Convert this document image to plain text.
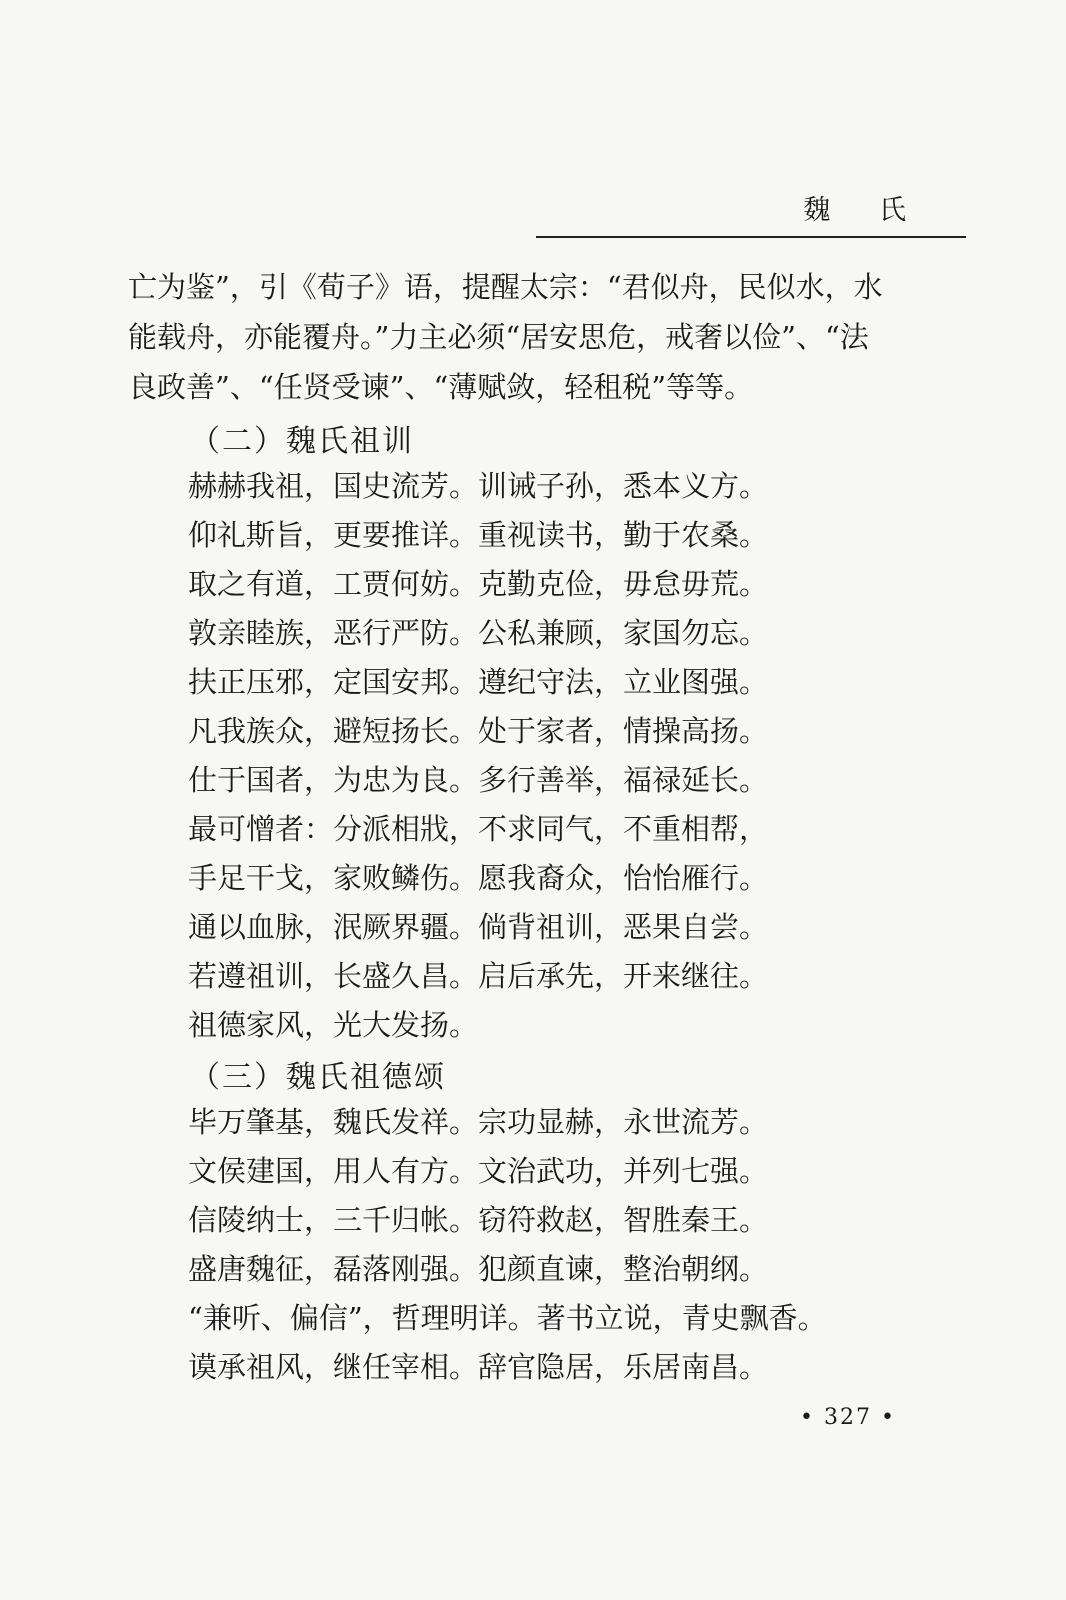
魏 氏

亡为鉴”，引《荀子》语，提醒太宗：“君似舟，民似水，水

能载舟，亦能覆舟。”力主必须“居安思危，戒奢以俭”、“法

良政善”、“任贤受谏”、“薄赋敛，轻租税”等等。

（二）魏氏祖训
赫赫我祖，国史流芳。训诫子孙，悉本义方。
仰礼斯旨，更要推详。重视读书，勤于农桑。
取之有道，工贾何妨。克勤克俭，毋怠毋荒。
敦亲睦族，恶行严防。公私兼顾，家国勿忘。
扶正压邪，定国安邦。遵纪守法，立业图强。
凡我族众，避短扬长。处于家者，情操高扬。
仕于国者，为忠为良。多行善举，福禄延长。
最可憎者：分派相戕，不求同气，不重相帮，
手足干戈，家败鳞伤。愿我裔众，怡怡雁行。
通以血脉，泯厥界疆。倘背祖训，恶果自尝。
若遵祖训，长盛久昌。启后承先，开来继往。
祖德家风，光大发扬。
（三）魏氏祖德颂
毕万肇基，魏氏发祥。宗功显赫，永世流芳。
文侯建国，用人有方。文治武功，并列七强。
信陵纳士，三千归帐。窃符救赵，智胜秦王。
盛唐魏征，磊落刚强。犯颜直谏，整治朝纲。
“兼听、偏信”，哲理明详。著书立说，青史飘香。
谟承祖风，继任宰相。辞官隐居，乐居南昌。
• 327 •
